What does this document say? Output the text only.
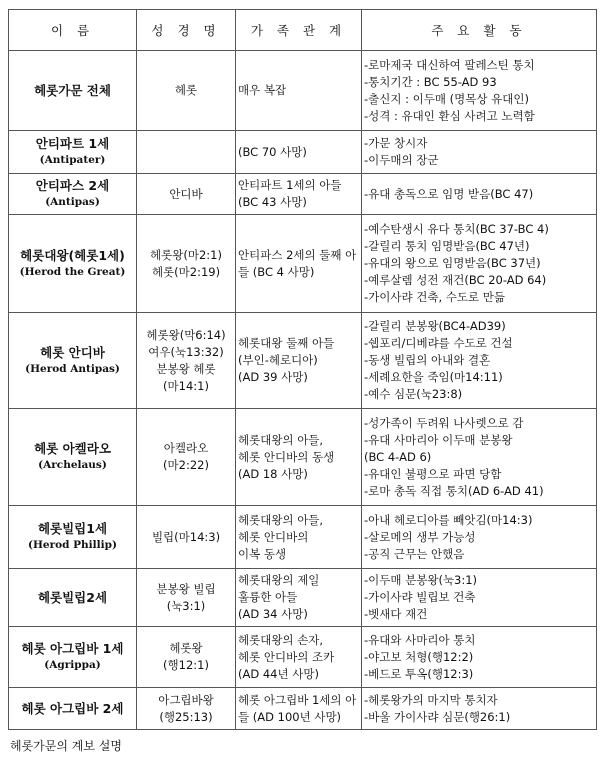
이 름	성 경 명	가 족 관 계	주 요 활 동

헤롯가문 전체	헤롯	매우 복잡	-로마제국 대신하여 팔레스틴 통치
-통치기간 : BC 55-AD 93
-출신지 : 이두매 (명목상 유대인)
-성격 : 유대인 환심 사려고 노력함

안티파트 1세
(Antipater)		(BC 70 사망)	-가문 창시자
-이두매의 장군

안티파스 2세
(Antipas)	안디바	안티파트 1세의 아들
(BC 43 사망)	-유대 총독으로 임명 받음(BC 47)

헤롯대왕(헤롯1세)
(Herod the Great)	헤롯왕(마2:1)
헤롯(마2:19)	안티파스 2세의 둘째 아
들 (BC 4 사망)	-예수탄생시 유다 통치(BC 37-BC 4)
-갈릴리 통치 임명받음(BC 47년)
-유대의 왕으로 임명받음(BC 37년)
-예루살렘 성전 재건(BC 20-AD 64)
-가이사랴 건축, 수도로 만듦

헤롯 안디바
(Herod Antipas)	헤롯왕(막6:14)
여우(눅13:32)
분봉왕 헤롯
(마14:1)	헤롯대왕 둘째 아들
(부인-헤로디아)
(AD 39 사망)	-갈릴리 분봉왕(BC4-AD39)
-쉡포리/디베랴를 수도로 건설
-동생 빌립의 아내와 결혼
-세례요한을 죽임(마14:11)
-예수 심문(눅23:8)

헤롯 아켈라오
(Archelaus)	아켈라오
(마2:22)	헤롯대왕의 아들,
헤롯 안디바의 동생
(AD 18 사망)	-성가족이 두려워 나사렛으로 감
-유대 사마리아 이두매 분봉왕
(BC 4-AD 6)
-유대인 불평으로 파면 당함
-로마 총독 직접 통치(AD 6-AD 41)

헤롯빌립1세
(Herod Phillip)	빌립(마14:3)	헤롯대왕의 아들,
헤롯 안디바의
이복 동생	-아내 헤로디아를 빼앗김(마14:3)
-살로메의 생부 가능성
-공직 근무는 안했음

헤롯빌립2세	분봉왕 빌립
(눅3:1)	헤롯대왕의 제일
훌륭한 아들
(AD 34 사망)	-이두매 분봉왕(눅3:1)
-가이사랴 빌립보 건축
-벳새다 재건

헤롯 아그립바 1세
(Agrippa)	헤롯왕
(행12:1)	헤롯대왕의 손자,
헤롯 안디바의 조카
(AD 44년 사망)	-유대와 사마리아 통치
-야고보 처형(행12:2)
-베드로 투옥(행12:3)

헤롯 아그립바 2세	아그립바왕
(행25:13)	헤롯 아그립바 1세의 아
들 (AD 100년 사망)	-헤롯왕가의 마지막 통치자
-바울 가이사랴 심문(행26:1)
헤롯가문의 계보 설명
